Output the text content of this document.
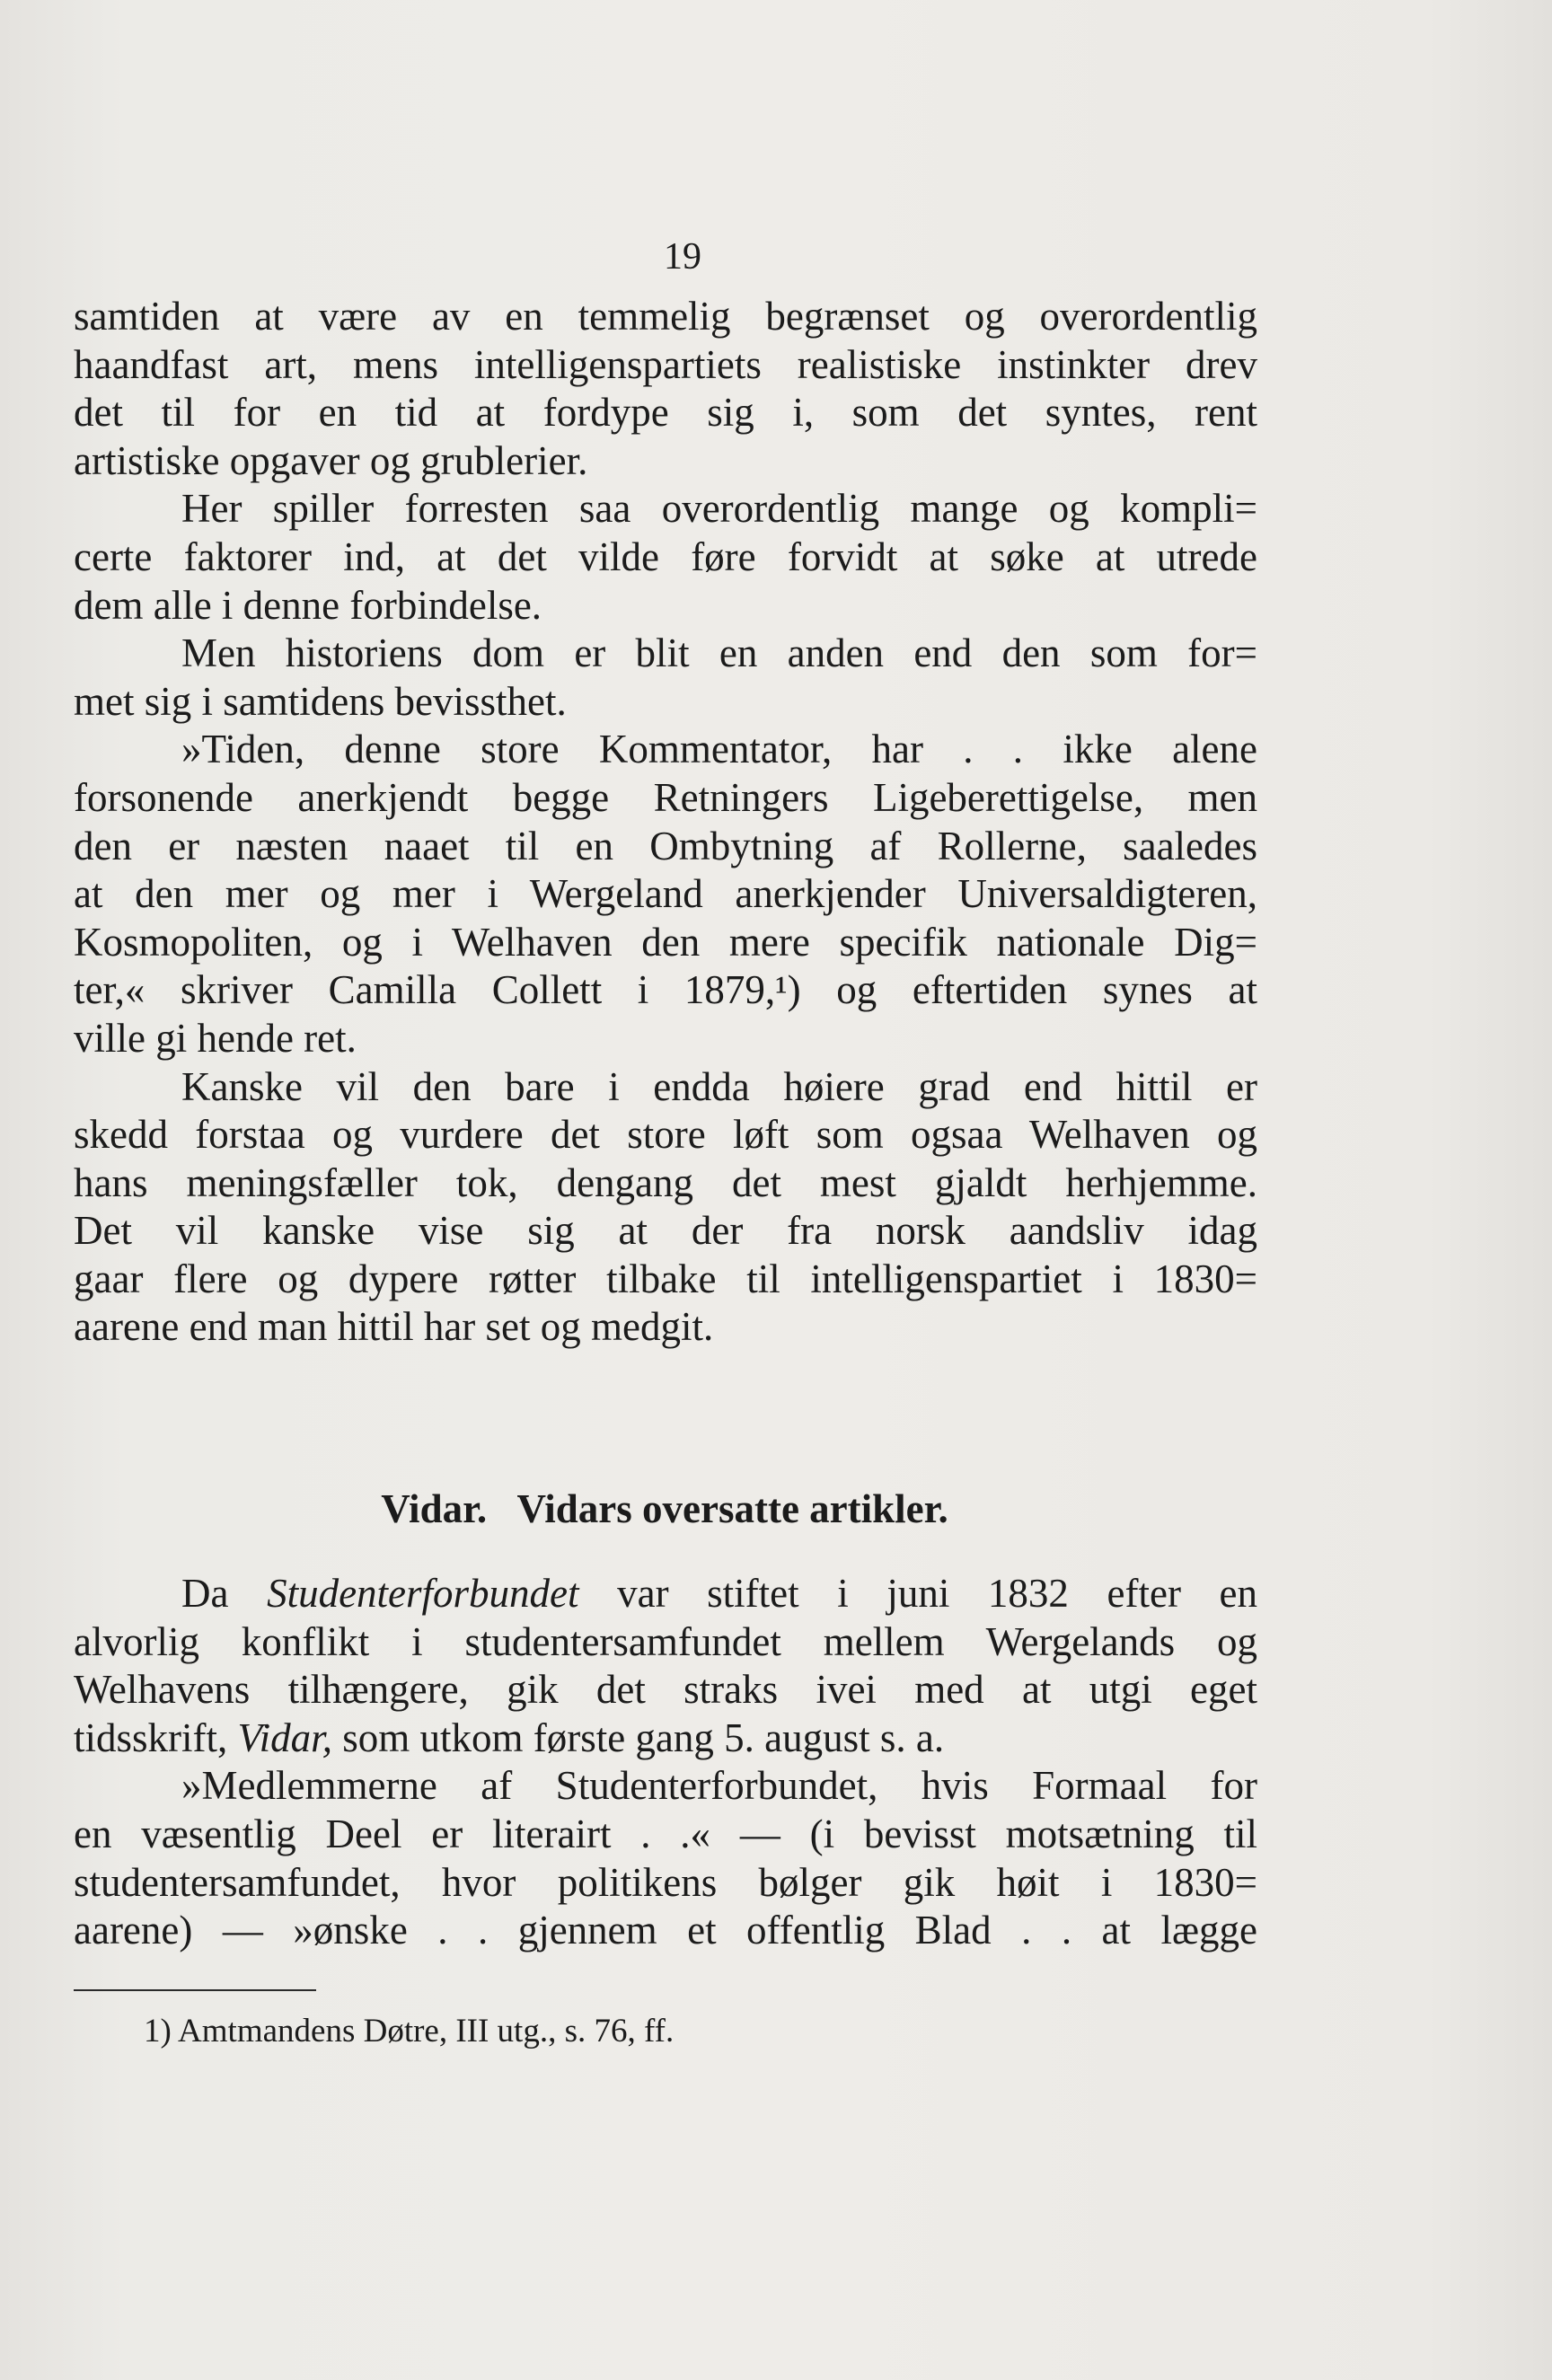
19
samtiden at være av en temmelig begrænset og overordentlig
haandfast art, mens intelligenspartiets realistiske instinkter drev
det til for en tid at fordype sig i, som det syntes, rent
artistiske opgaver og grublerier.
Her spiller forresten saa overordentlig mange og kompli=
certe faktorer ind, at det vilde føre forvidt at søke at utrede
dem alle i denne forbindelse.
Men historiens dom er blit en anden end den som for=
met sig i samtidens bevissthet.
»Tiden, denne store Kommentator, har . . ikke alene
forsonende anerkjendt begge Retningers Ligeberettigelse, men
den er næsten naaet til en Ombytning af Rollerne, saaledes
at den mer og mer i Wergeland anerkjender Universaldigteren,
Kosmopoliten, og i Welhaven den mere specifik nationale Dig=
ter,« skriver Camilla Collett i 1879,¹) og eftertiden synes at
ville gi hende ret.
Kanske vil den bare i endda høiere grad end hittil er
skedd forstaa og vurdere det store løft som ogsaa Welhaven og
hans meningsfæller tok, dengang det mest gjaldt herhjemme.
Det vil kanske vise sig at der fra norsk aandsliv idag
gaar flere og dypere røtter tilbake til intelligenspartiet i 1830=
aarene end man hittil har set og medgit.
Vidar. Vidars oversatte artikler.
Da Studenterforbundet var stiftet i juni 1832 efter en
alvorlig konflikt i studentersamfundet mellem Wergelands og
Welhavens tilhængere, gik det straks ivei med at utgi eget
tidsskrift, Vidar, som utkom første gang 5. august s. a.
»Medlemmerne af Studenterforbundet, hvis Formaal for
en væsentlig Deel er literairt . .« — (i bevisst motsætning til
studentersamfundet, hvor politikens bølger gik høit i 1830=
aarene) — »ønske . . gjennem et offentlig Blad . . at lægge
1) Amtmandens Døtre, III utg., s. 76, ff.
